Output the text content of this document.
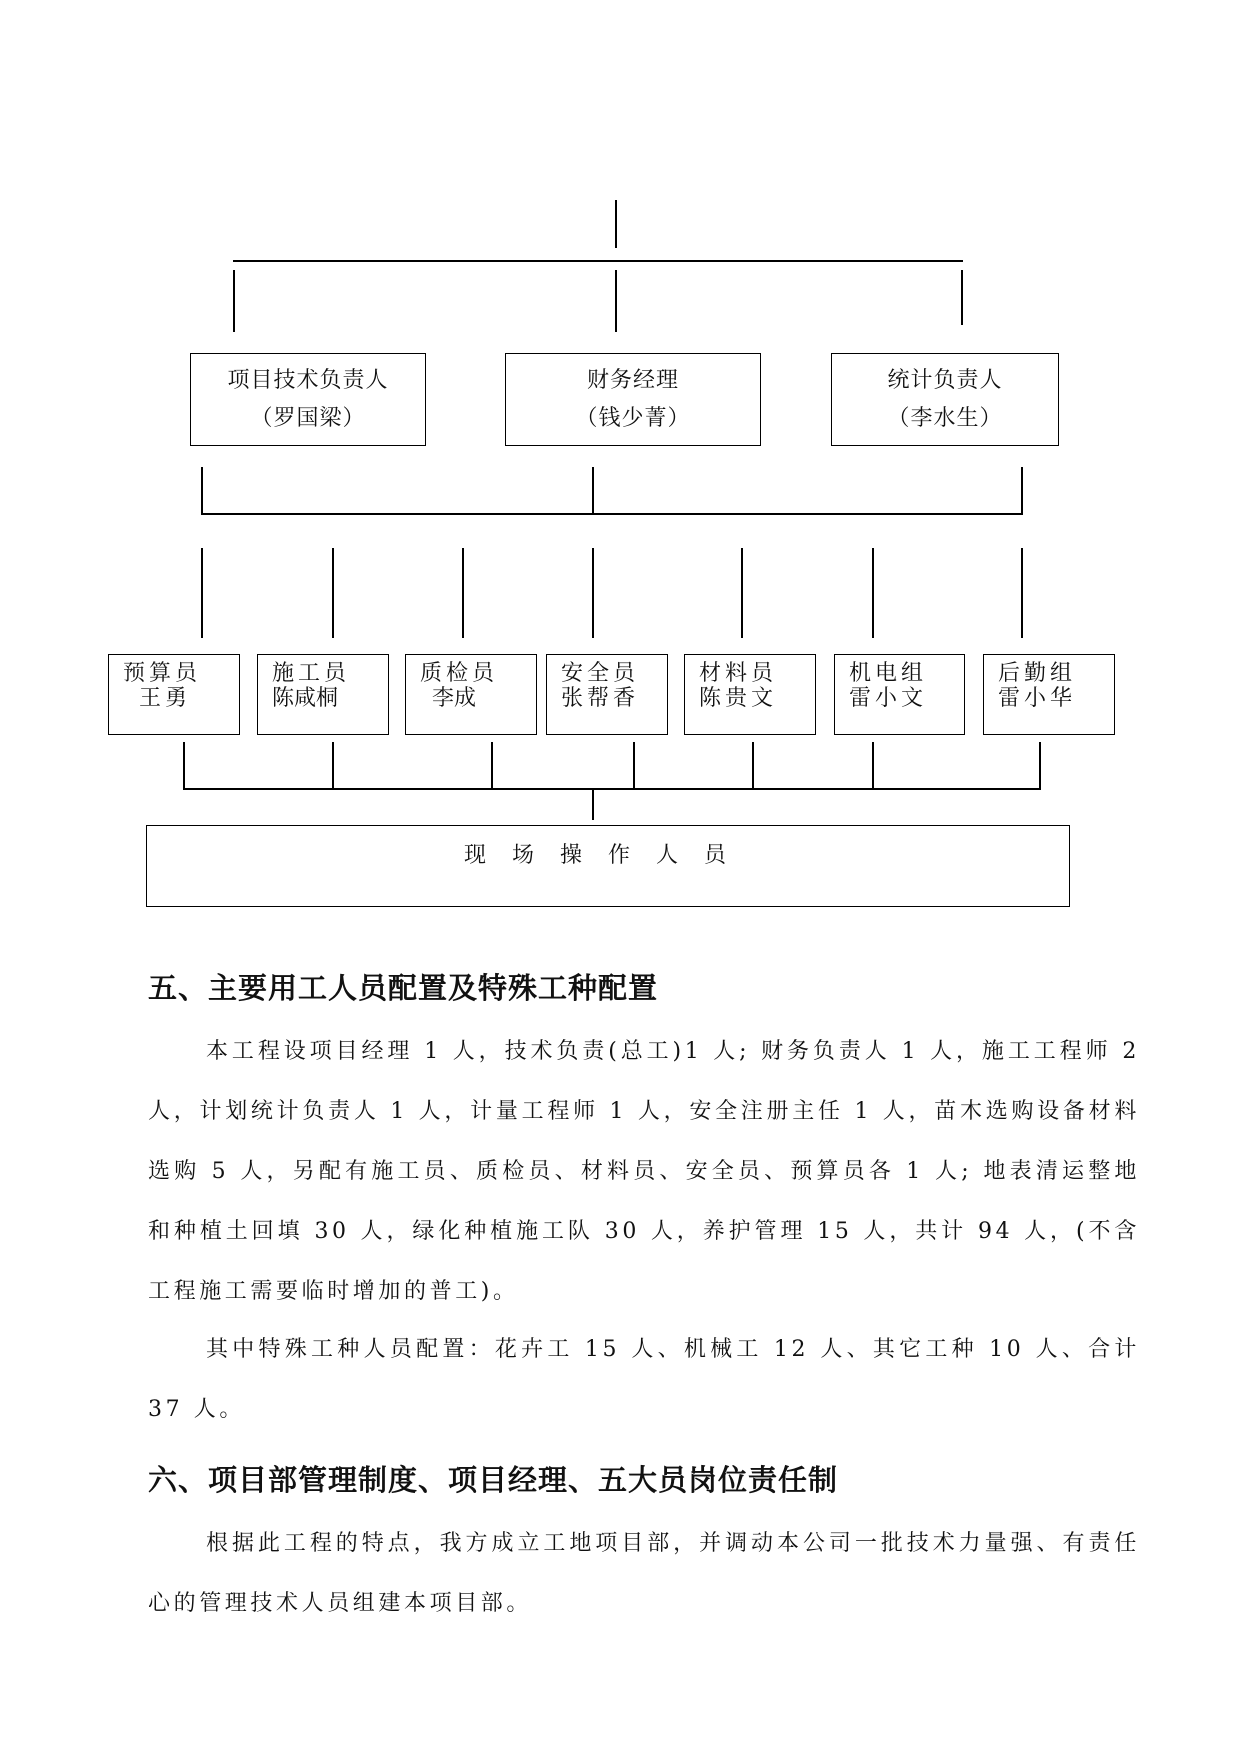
项目技术负责人
（罗国梁）
财务经理
（钱少菁）
统计负责人
（李水生）
预算员
王勇
施工员
陈咸桐
质检员
李成
安全员
张帮香
材料员
陈贵文
机电组
雷小文
后勤组
雷小华
现场操作人员
五、主要用工人员配置及特殊工种配置

本工程设项目经理 1 人，技术负责(总工)1 人; 财务负责人 1 人，施工工程师 2 人，计划统计负责人 1 人，计量工程师 1 人，安全注册主任 1 人，苗木选购设备材料选购 5 人，另配有施工员、质检员、材料员、安全员、预算员各 1 人; 地表清运整地和种植土回填 30 人，绿化种植施工队 30 人，养护管理 15 人，共计 94 人，(不含工程施工需要临时增加的普工)。

其中特殊工种人员配置：花卉工 15 人、机械工 12 人、其它工种 10 人、合计 37 人。

六、项目部管理制度、项目经理、五大员岗位责任制

根据此工程的特点，我方成立工地项目部，并调动本公司一批技术力量强、有责任心的管理技术人员组建本项目部。
